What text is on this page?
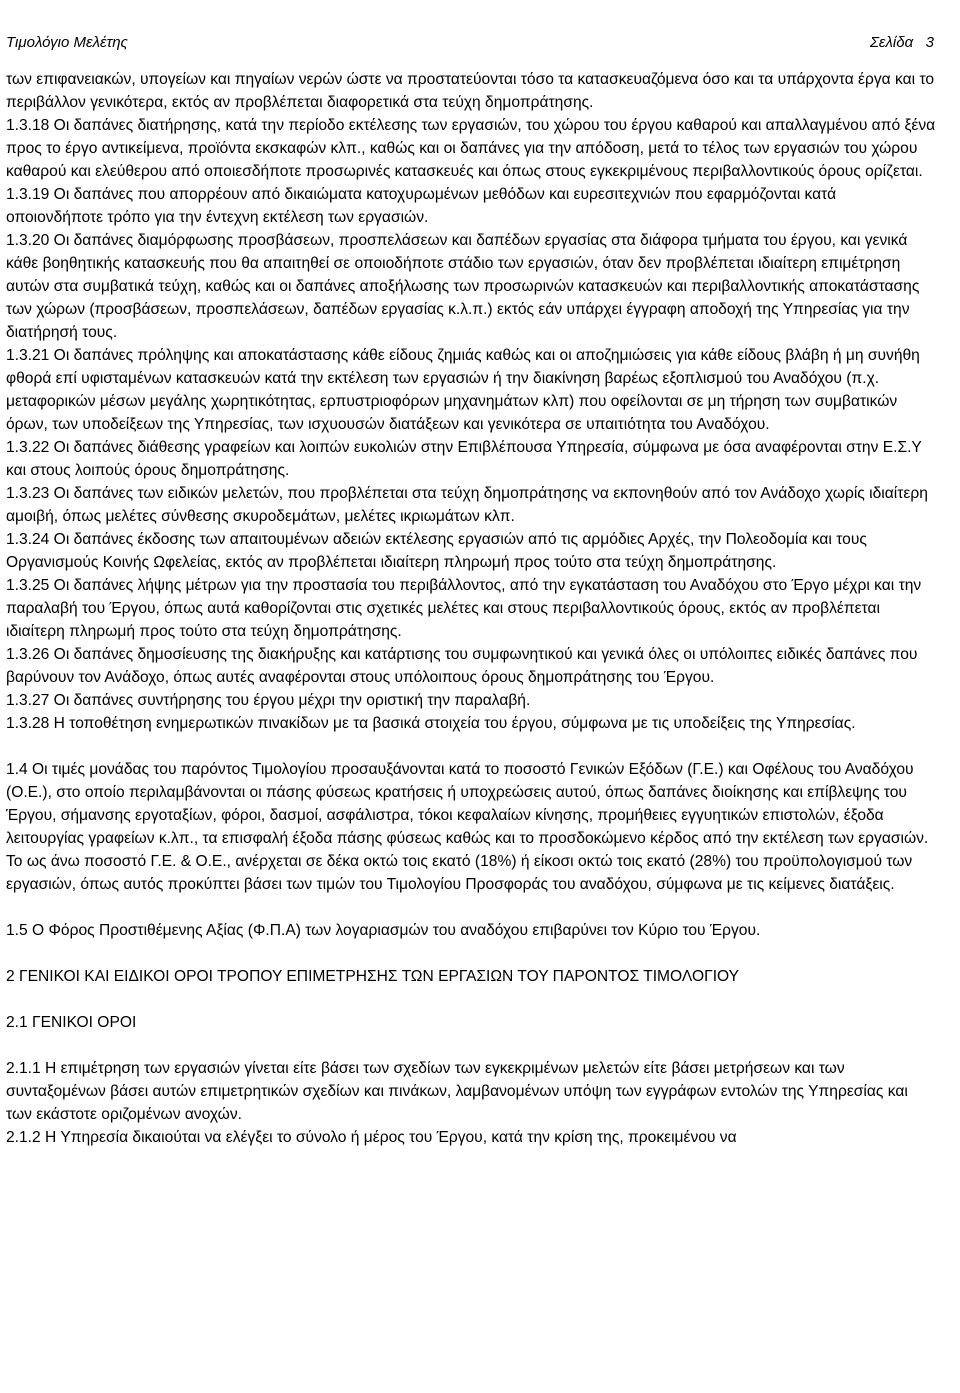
Τιμολόγιο Μελέτης	Σελίδα 3

των επιφανειακών, υπογείων και πηγαίων νερών ώστε να προστατεύονται τόσο τα κατασκευαζόμενα όσο και τα υπάρχοντα έργα και το περιβάλλον γενικότερα, εκτός αν προβλέπεται διαφορετικά στα τεύχη δημοπράτησης.

1.3.18 Οι δαπάνες διατήρησης, κατά την περίοδο εκτέλεσης των εργασιών, του χώρου του έργου καθαρού και απαλλαγμένου από ξένα προς το έργο αντικείμενα, προϊόντα εκσκαφών κλπ., καθώς και οι δαπάνες για την απόδοση, μετά το τέλος των εργασιών του χώρου καθαρού και ελεύθερου από οποιεσδήποτε προσωρινές κατασκευές και όπως στους εγκεκριμένους περιβαλλοντικούς όρους ορίζεται.

1.3.19 Οι δαπάνες που απορρέουν από δικαιώματα κατοχυρωμένων μεθόδων και ευρεσιτεχνιών που εφαρμόζονται κατά οποιονδήποτε τρόπο για την έντεχνη εκτέλεση των εργασιών.

1.3.20 Οι δαπάνες διαμόρφωσης προσβάσεων, προσπελάσεων και δαπέδων εργασίας στα διάφορα τμήματα του έργου, και γενικά κάθε βοηθητικής κατασκευής που θα απαιτηθεί σε οποιοδήποτε στάδιο των εργασιών, όταν δεν προβλέπεται ιδιαίτερη επιμέτρηση αυτών στα συμβατικά τεύχη, καθώς και οι δαπάνες αποξήλωσης των προσωρινών κατασκευών και περιβαλλοντικής αποκατάστασης των χώρων (προσβάσεων, προσπελάσεων, δαπέδων εργασίας κ.λ.π.) εκτός εάν υπάρχει έγγραφη αποδοχή της Υπηρεσίας για την διατήρησή τους.

1.3.21 Οι δαπάνες πρόληψης και αποκατάστασης κάθε είδους ζημιάς καθώς και οι αποζημιώσεις για κάθε είδους βλάβη ή μη συνήθη φθορά επί υφισταμένων κατασκευών κατά την εκτέλεση των εργασιών ή την διακίνηση βαρέως εξοπλισμού του Αναδόχου (π.χ. μεταφορικών μέσων μεγάλης χωρητικότητας, ερπυστριοφόρων μηχανημάτων κλπ) που οφείλονται σε μη τήρηση των συμβατικών όρων, των υποδείξεων της Υπηρεσίας, των ισχυουσών διατάξεων και γενικότερα σε υπαιτιότητα του Αναδόχου.

1.3.22 Οι δαπάνες διάθεσης γραφείων και λοιπών ευκολιών στην Επιβλέπουσα Υπηρεσία, σύμφωνα με όσα αναφέρονται στην Ε.Σ.Υ και στους λοιπούς όρους δημοπράτησης.

1.3.23 Οι δαπάνες των ειδικών μελετών, που προβλέπεται στα τεύχη δημοπράτησης να εκπονηθούν από τον Ανάδοχο χωρίς ιδιαίτερη αμοιβή, όπως μελέτες σύνθεσης σκυροδεμάτων, μελέτες ικριωμάτων κλπ.

1.3.24 Οι δαπάνες έκδοσης των απαιτουμένων αδειών εκτέλεσης εργασιών από τις αρμόδιες Αρχές, την Πολεοδομία και τους Οργανισμούς Κοινής Ωφελείας, εκτός αν προβλέπεται ιδιαίτερη πληρωμή προς τούτο στα τεύχη δημοπράτησης.

1.3.25 Οι δαπάνες λήψης μέτρων για την προστασία του περιβάλλοντος, από την εγκατάσταση του Αναδόχου στο Έργο μέχρι και την παραλαβή του Έργου, όπως αυτά καθορίζονται στις σχετικές μελέτες και στους περιβαλλοντικούς όρους, εκτός αν προβλέπεται ιδιαίτερη πληρωμή προς τούτο στα τεύχη δημοπράτησης.

1.3.26 Οι δαπάνες δημοσίευσης της διακήρυξης και κατάρτισης του συμφωνητικού και γενικά όλες οι υπόλοιπες ειδικές δαπάνες που βαρύνουν τον Ανάδοχο, όπως αυτές αναφέρονται στους υπόλοιπους όρους δημοπράτησης του Έργου.

1.3.27 Οι δαπάνες συντήρησης του έργου μέχρι την οριστική την παραλαβή.

1.3.28 Η τοποθέτηση ενημερωτικών πινακίδων με τα βασικά στοιχεία του έργου, σύμφωνα με τις υποδείξεις της Υπηρεσίας.

1.4 Οι τιμές μονάδας του παρόντος Τιμολογίου προσαυξάνονται κατά το ποσοστό Γενικών Εξόδων (Γ.Ε.) και Οφέλους του Αναδόχου (Ο.Ε.), στο οποίο περιλαμβάνονται οι πάσης φύσεως κρατήσεις ή υποχρεώσεις αυτού, όπως δαπάνες διοίκησης και επίβλεψης του Έργου, σήμανσης εργοταξίων, φόροι, δασμοί, ασφάλιστρα, τόκοι κεφαλαίων κίνησης, προμήθειες εγγυητικών επιστολών, έξοδα λειτουργίας γραφείων κ.λπ., τα επισφαλή έξοδα πάσης φύσεως καθώς και το προσδοκώμενο κέρδος από την εκτέλεση των εργασιών.

Το ως άνω ποσοστό Γ.Ε. & Ο.Ε., ανέρχεται σε δέκα οκτώ τοις εκατό (18%) ή είκοσι οκτώ τοις εκατό (28%) του προϋπολογισμού των εργασιών, όπως αυτός προκύπτει βάσει των τιμών του Τιμολογίου Προσφοράς του αναδόχου, σύμφωνα με τις κείμενες διατάξεις.

1.5 Ο Φόρος Προστιθέμενης Αξίας (Φ.Π.Α) των λογαριασμών του αναδόχου επιβαρύνει τον Κύριο του Έργου.

2 ΓΕΝΙΚΟΙ ΚΑΙ ΕΙΔΙΚΟΙ ΟΡΟΙ ΤΡΟΠΟΥ ΕΠΙΜΕΤΡΗΣΗΣ ΤΩΝ ΕΡΓΑΣΙΩΝ ΤΟΥ ΠΑΡΟΝΤΟΣ ΤΙΜΟΛΟΓΙΟΥ

2.1 ΓΕΝΙΚΟΙ ΟΡΟΙ

2.1.1 Η επιμέτρηση των εργασιών γίνεται είτε βάσει των σχεδίων των εγκεκριμένων μελετών είτε βάσει μετρήσεων και των συνταξομένων βάσει αυτών επιμετρητικών σχεδίων και πινάκων, λαμβανομένων υπόψη των εγγράφων εντολών της Υπηρεσίας και των εκάστοτε οριζομένων ανοχών.

2.1.2 Η Υπηρεσία δικαιούται να ελέγξει το σύνολο ή μέρος του Έργου, κατά την κρίση της, προκειμένου να
